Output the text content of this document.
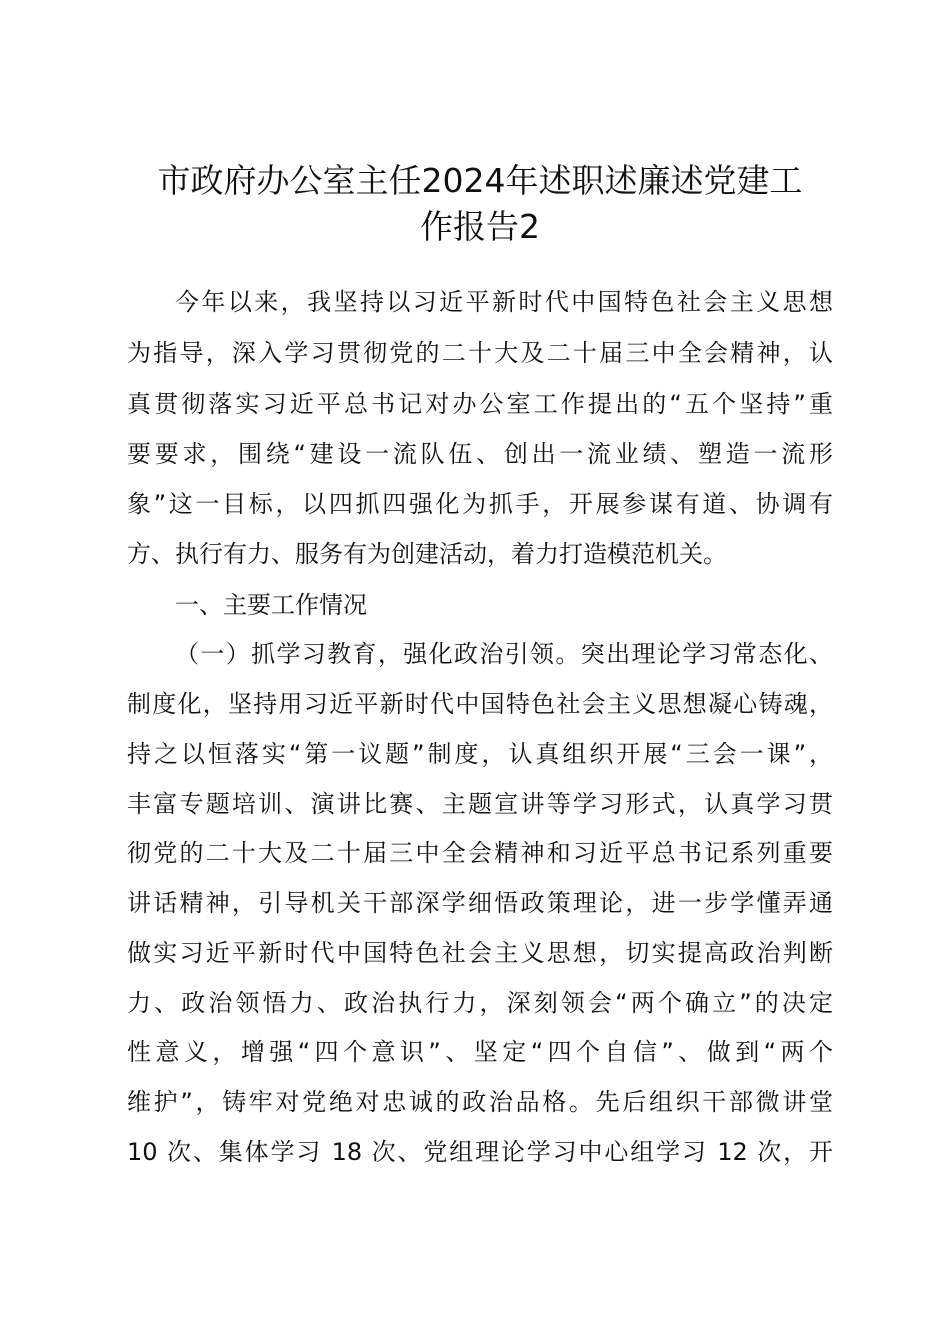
市政府办公室主任2024年述职述廉述党建工
作报告2
今年以来，我坚持以习近平新时代中国特色社会主义思想
为指导，深入学习贯彻党的二十大及二十届三中全会精神，认
真贯彻落实习近平总书记对办公室工作提出的“五个坚持”重
要要求，围绕“建设一流队伍、创出一流业绩、塑造一流形
象”这一目标，以四抓四强化为抓手，开展参谋有道、协调有
方、执行有力、服务有为创建活动，着力打造模范机关。
一、主要工作情况
（一）抓学习教育，强化政治引领。突出理论学习常态化、
制度化，坚持用习近平新时代中国特色社会主义思想凝心铸魂，
持之以恒落实“第一议题”制度，认真组织开展“三会一课”，
丰富专题培训、演讲比赛、主题宣讲等学习形式，认真学习贯
彻党的二十大及二十届三中全会精神和习近平总书记系列重要
讲话精神，引导机关干部深学细悟政策理论，进一步学懂弄通
做实习近平新时代中国特色社会主义思想，切实提高政治判断
力、政治领悟力、政治执行力，深刻领会“两个确立”的决定
性意义，增强“四个意识”、坚定“四个自信”、做到“两个
维护”，铸牢对党绝对忠诚的政治品格。先后组织干部微讲堂
10 次、集体学习 18 次、党组理论学习中心组学习 12 次，开
